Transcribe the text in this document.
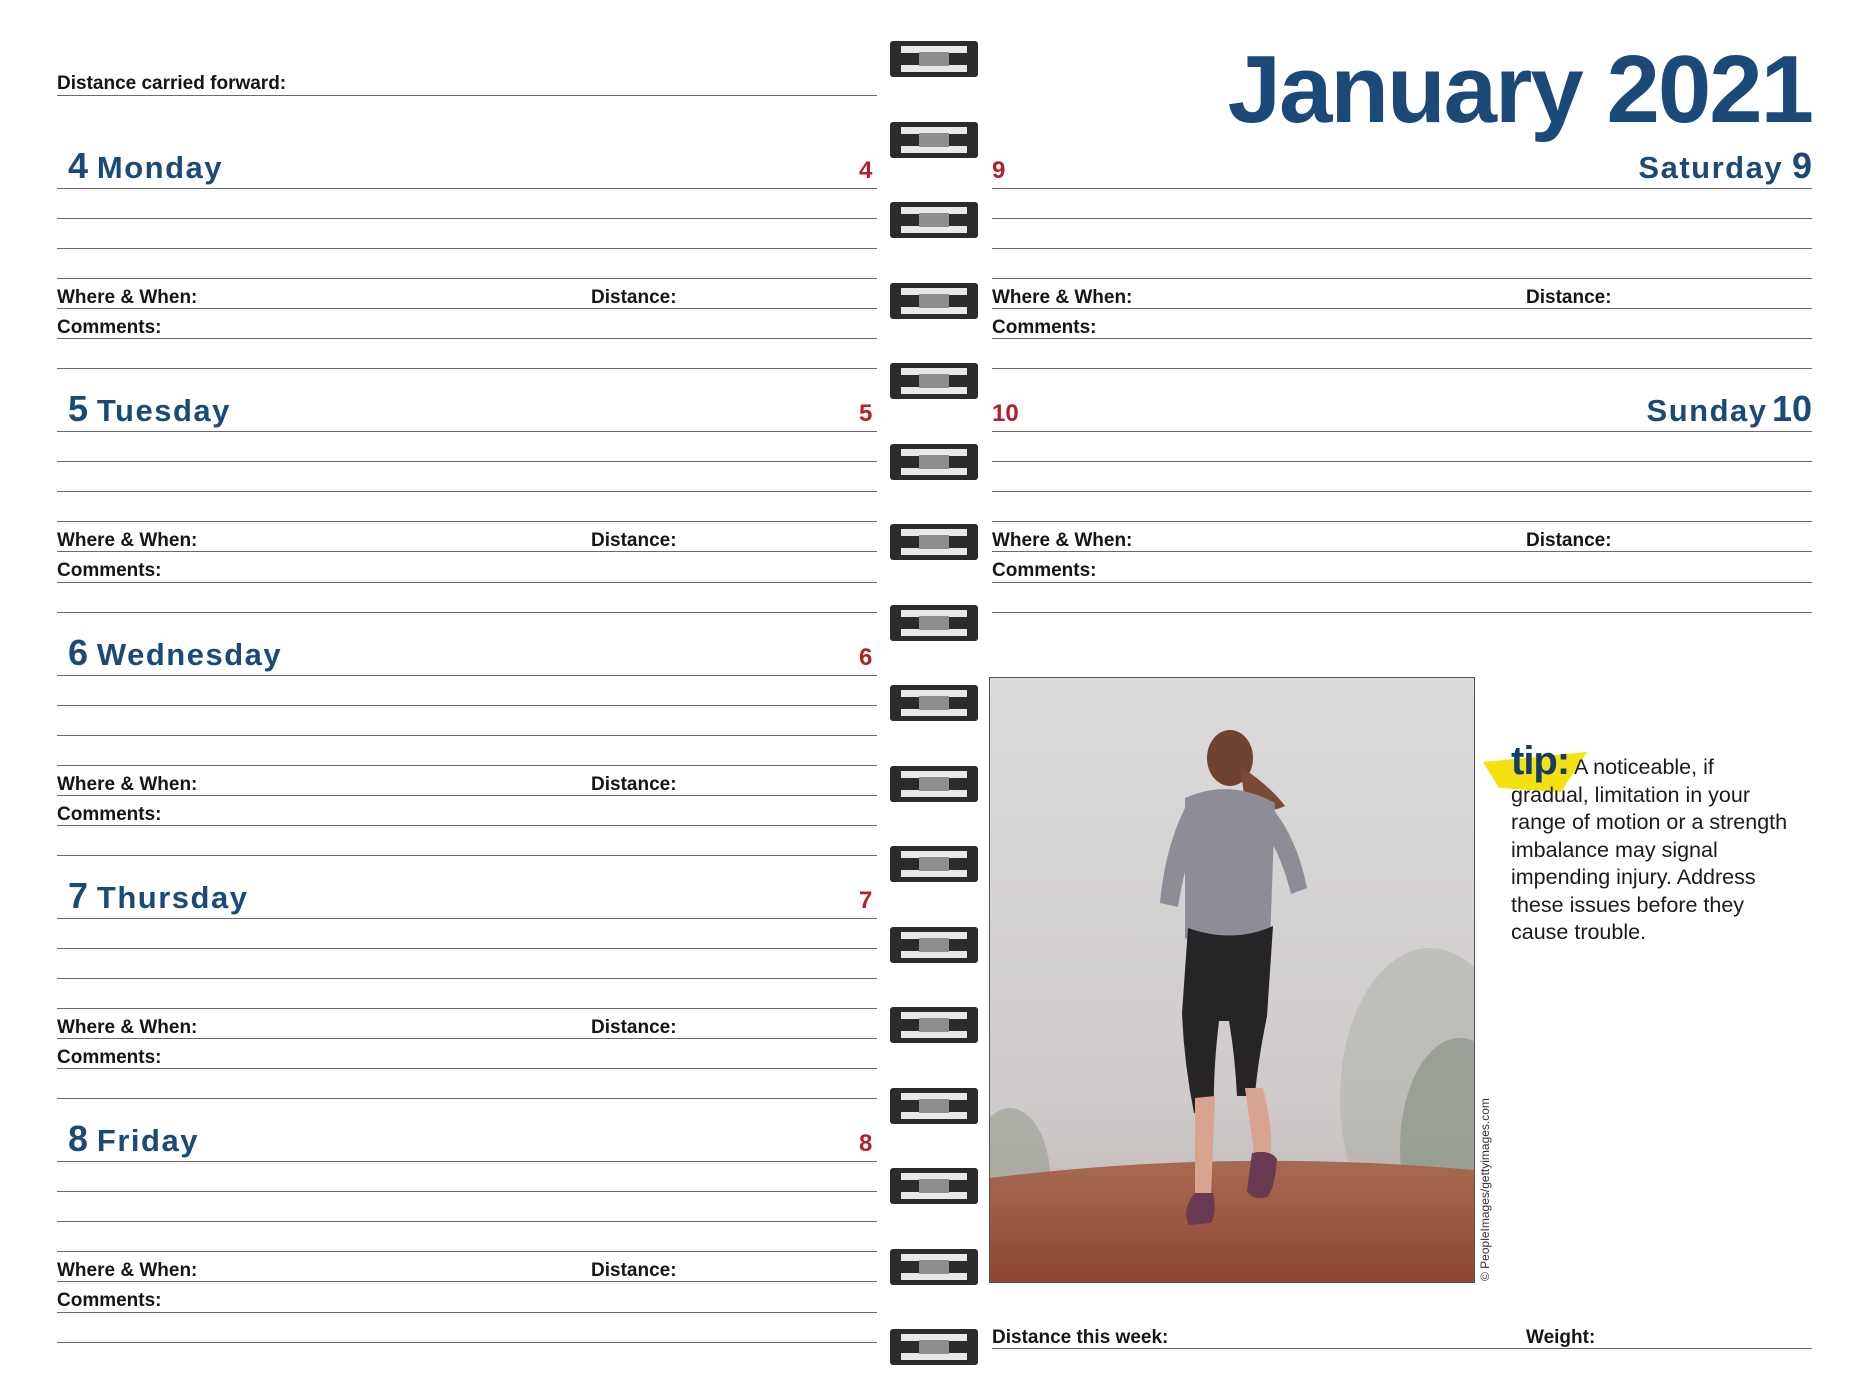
Distance carried forward:	January 2021
4 Monday	4
Where & When:	Distance:
Comments:
5 Tuesday	5
Where & When:	Distance:
Comments:
6 Wednesday	6
Where & When:	Distance:
Comments:
7 Thursday	7
Where & When:	Distance:
Comments:
8 Friday	8
Where & When:	Distance:
Comments:
9	Saturday 9
Where & When:	Distance:
Comments:
10	Sunday 10
Where & When:	Distance:
Comments:
© PeopleImages/gettyimages.com
tip: A noticeable, if gradual, limitation in your range of motion or a strength imbalance may signal impending injury. Address these issues before they cause trouble.
Distance this week:	Weight:
